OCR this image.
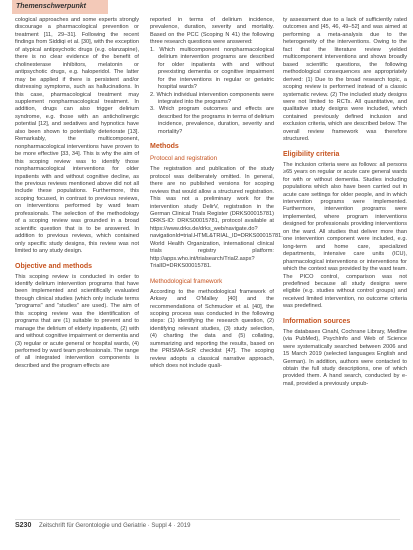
Themenschwerpunkt

cological approaches and some experts strongly discourage a pharmacological prevention or treatment [11, 29–31]. Following the recent findings from Siddiqi et al. [30], with the exception of atypical antipsychotic drugs (e.g. olanzapine), there is no clear evidence of the benefit of cholinesterase inhibitors, melatonin or antipsychotic drugs, e.g. haloperidol. The latter may be applied if there is persistent and/or distressing symptoms, such as hallucinations. In this case, pharmacological treatment may supplement nonpharmacological treatment. In addition, drugs can also trigger delirium syndrome, e.g. those with an anticholinergic potential [12], and sedatives and hypnotics have also been shown to potentially deteriorate [13]. Remarkably, the multicomponent, nonpharmacological interventions have proven to be more effective [33, 34]. This is why the aim of this scoping review was to identify those nonpharmacological interventions for older inpatients with and without cognitive decline, as the previous reviews mentioned above did not all include these populations. Furthermore, this scoping focused, in contrast to previous reviews, on interventions performed by ward team professionals. The selection of the methodology of a scoping review was grounded in a broad scientific question that is to be answered. In addition to previous reviews, which contained only specific study designs, this review was not limited to any study design.

Objective and methods

This scoping review is conducted in order to identify delirium intervention programs that have been implemented and scientifically evaluated through clinical studies (which only include terms "programs" and "studies" are used). The aim of this scoping review was the identification of programs that are (1) suitable to prevent and to manage the delirium of elderly inpatients, (2) with and without cognitive impairment or dementia and (3) regular or acute general or hospital wards, (4) performed by ward team professionals. The range of all integrated intervention components is described and the program effects are

reported in terms of delirium incidence, prevalence, duration, severity and mortality. Based on the PCC (Scoping N 41) the following three research questions were answered:

1. Which multicomponent nonpharmacological delirium intervention programs are described for older inpatients with and without preexisting dementia or cognitive impairment for the interventions in regular or geriatric hospital wards?

2. Which individual intervention components were integrated into the programs?

3. Which program outcomes and effects are described for the programs in terms of delirium incidence, prevalence, duration, severity and mortality?

Methods
Protocol and registration

The registration and publication of the study protocol was deliberately omitted. In general, there are no published versions for scoping reviews that would allow a structured registration. This was not a preliminary work for the intervention study DelirV, registration in the German Clinical Trials Register (DRKS00015781) DRKS-ID: DRKS00015781, protocol available at https://www.drks.de/drks_web/navigate.do?navigationId=trial.HTML&TRIAL_ID=DRKS00015781. World Health Organization, international clinical trials registry platform: http://apps.who.int/trialsearch/Trial2.aspx?TrialID=DRKS00015781.

Methodological framework

According to the methodological framework of Arksey and O'Malley [40] and the recommendations of Schmucker et al. [40], the scoping process was conducted in the following steps: (1) identifying the research question, (2) identifying relevant studies, (3) study selection, (4) charting the data and (5) collating, summarizing and reporting the results, based on the PRISMA-ScR checklist [47]. The scoping review adopts a classical narrative approach, which does not include quali-

ty assessment due to a lack of sufficiently rated outcomes and [45, 46, 49–52] and was aimed at performing a meta-analysis due to the heterogeneity of the interventions. Owing to the fact that the literature review yielded multicomponent interventions and shows broadly based scientific questions, the following methodological consequences are appropriately derived: (1) Due to the broad research topic, a scoping review is performed instead of a classic systematic review. (2) The included study designs were not limited to RCTs. All quantitative, and qualitative study designs were included, which contained previously defined inclusion and exclusion criteria, which are described below. The overall review framework was therefore structured.

Eligibility criteria

The inclusion criteria were as follows: all persons ≥65 years on regular or acute care general wards for with or without dementia. Studies including populations which also have been carried out in acute care settings for older people, and in which intervention programs were implemented. Furthermore, intervention programs were implemented, where program interventions designed for professionals providing interventions on the ward. All studies that deliver more than one intervention component were included, e.g. long-term and home care, specialized departments, intensive care units (ICU), pharmacological interventions or interventions for which the context was provided by the ward team. The PICO control, comparison was not predefined because all study designs were eligible (e.g. studies without control groups) and received limited intervention, no outcome criteria was predefined.

Information sources

The databases Cinahl, Cochrane Library, Medline (via PubMed), PsychInfo and Web of Science were systematically searched between 2006 and 15 March 2019 (selected languages English and German). In addition, authors were contacted to obtain the full study descriptions, one of which provided them. A hand search, conducted by e-mail, provided a previously unpub-

S230 Zeitschrift für Gerontologie und Geriatrie · Suppl 4 · 2019
